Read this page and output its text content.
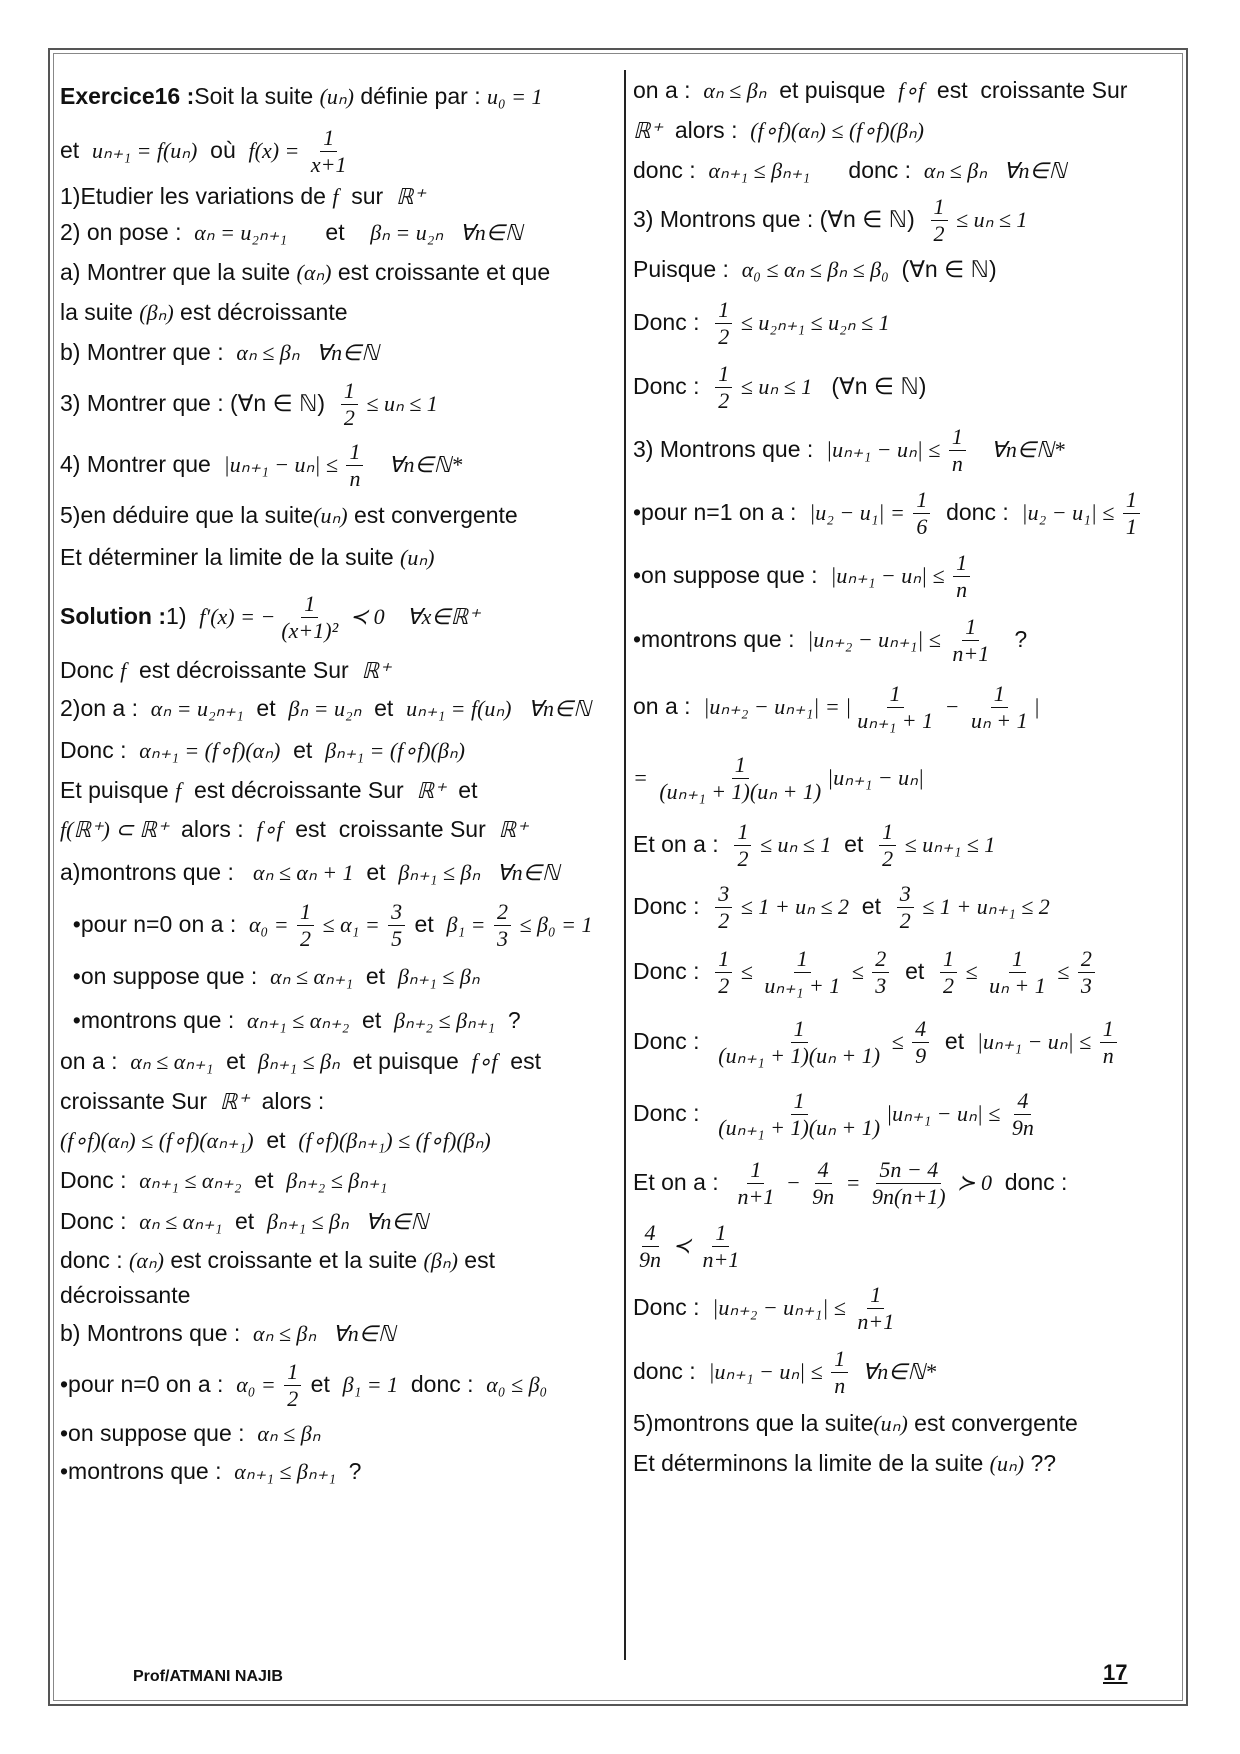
Exercice16 : Soit la suite (uₙ) définie par : u₀ = 1
et uₙ₊₁ = f(uₙ) où $f(x) = \frac{1}{x+1}$
1)Etudier les variations de f sur ℝ⁺
2) on pose : αₙ = u₂ₙ₊₁ et βₙ = u₂ₙ   ∀n∈ℕ
a) Montrer que la suite (αₙ) est croissante et que
la suite (βₙ) est décroissante
b) Montrer que : αₙ ≤ βₙ   ∀n∈ℕ
3) Montrer que : (∀n ∈ ℕ) $\frac{1}{2} \le u_n \le 1$
4) Montrer que $|u_{n+1} - u_n| \le \frac{1}{n}$ ∀n∈ℕ*
5)en déduire que la suite (uₙ) est convergente
Et déterminer la limite de la suite (uₙ)
Solution : 1) f′(x) = − $\frac{1}{\text{(x+1)²}}$ ≺ 0    ∀x∈ℝ⁺
Donc f est décroissante Sur ℝ⁺
2)on a : αₙ = u₂ₙ₊₁ et βₙ = u₂ₙ et uₙ₊₁ = f(uₙ)   ∀n∈ℕ
Donc : αₙ₊₁ = (f∘f)(αₙ) et βₙ₊₁ = (f∘f)(βₙ)
Et puisque f est décroissante Sur ℝ⁺ et
f(ℝ⁺) ⊂ ℝ⁺ alors : f∘f est  croissante Sur ℝ⁺
a)montrons que : αₙ ≤ αₙ + 1 et βₙ₊₁ ≤ βₙ   ∀n∈ℕ
•pour n=0 on a : $\alpha_0 = \frac{1}{2} \le \alpha_1 = \frac{3}{5}$ et $\beta_1 = \frac{2}{3} \le \beta_0 = 1$
•on suppose que : αₙ ≤ αₙ₊₁ et βₙ₊₁ ≤ βₙ
•montrons que : αₙ₊₁ ≤ αₙ₊₂ et βₙ₊₂ ≤ βₙ₊₁ ?
on a : αₙ ≤ αₙ₊₁ et βₙ₊₁ ≤ βₙ et puisque f∘f est
croissante Sur ℝ⁺ alors :
(f∘f)(αₙ) ≤ (f∘f)(αₙ₊₁) et (f∘f)(βₙ₊₁) ≤ (f∘f)(βₙ)
Donc : αₙ₊₁ ≤ αₙ₊₂ et βₙ₊₂ ≤ βₙ₊₁
Donc : αₙ ≤ αₙ₊₁ et βₙ₊₁ ≤ βₙ   ∀n∈ℕ
donc : (αₙ) est croissante et la suite (βₙ) est
décroissante
b) Montrons que : αₙ ≤ βₙ   ∀n∈ℕ
•pour n=0 on a : $\alpha_0 = \frac{1}{2}$ et β₁ = 1 donc : α₀ ≤ β₀
•on suppose que : αₙ ≤ βₙ
•montrons que : αₙ₊₁ ≤ βₙ₊₁ ?
on a : αₙ ≤ βₙ et puisque f∘f est  croissante Sur
ℝ⁺ alors : (f∘f)(αₙ) ≤ (f∘f)(βₙ)
donc : αₙ₊₁ ≤ βₙ₊₁ donc : αₙ ≤ βₙ   ∀n∈ℕ
3) Montrons que : (∀n ∈ ℕ) $\frac{1}{2} \le u_n \le 1$
Puisque : α₀ ≤ αₙ ≤ βₙ ≤ β₀ (∀n ∈ ℕ)
Donc : $\frac{1}{2} \le u_{2n+1} \le u_{2n} \le 1$
Donc : $\frac{1}{2} \le u_n \le 1$ (∀n ∈ ℕ)
3) Montrons que : $|u_{n+1} - u_n| \le \frac{1}{n}$ ∀n∈ℕ*
•pour n=1 on a : $|u_2 - u_1| = \frac{1}{6}$ donc : $|u_2 - u_1| \le \frac{1}{1}$
•on suppose que : $|u_{n+1} - u_n| \le \frac{1}{n}$
•montrons que : $|u_{n+2} - u_{n+1}| \le \frac{1}{n+1}$ ?
on a : |uₙ₊₂ − uₙ₊₁| = | $\frac{1}{\text{uₙ₊₁ + 1}} - \frac{1}{\text{uₙ + 1}}$ |
= $\frac{1}{\text{(uₙ₊₁ + 1)(uₙ + 1)}} |u_{n+1} - u_n|$
Et on a : $\frac{1}{2} \le u_n \le 1$ et $\frac{1}{2} \le u_{n+1} \le 1$
Donc : $\frac{3}{2} \le 1 + u_n \le 2$ et $\frac{3}{2} \le 1 + u_{n+1} \le 2$
Donc : $\frac{1}{2} \le \frac{1}{\text{uₙ₊₁ + 1}} \le \frac{2}{3}$ et $\frac{1}{2} \le \frac{1}{\text{uₙ + 1}} \le \frac{2}{3}$
Donc : $\frac{1}{\text{(uₙ₊₁ + 1)(uₙ + 1)}} \le \frac{4}{9}$ et $|u_{n+1} - u_n| \le \frac{1}{n}$
Donc : $\frac{1}{\text{(uₙ₊₁ + 1)(uₙ + 1)}} |u_{n+1} - u_n| \le \frac{4}{9n}$
Et on a : $\frac{1}{n+1} - \frac{4}{9n} = \frac{5n - 4}{9n(n+1)}$ ≻ 0 donc :
$\frac{4}{9n}$ ≺ $\frac{1}{n+1}$
Donc : $|u_{n+2} - u_{n+1}| \le \frac{1}{n+1}$
donc : $|u_{n+1} - u_n| \le \frac{1}{n}$ ∀n∈ℕ*
5)montrons que la suite (uₙ) est convergente
Et déterminons la limite de la suite (uₙ) ??
Prof/ATMANI NAJIB	17
